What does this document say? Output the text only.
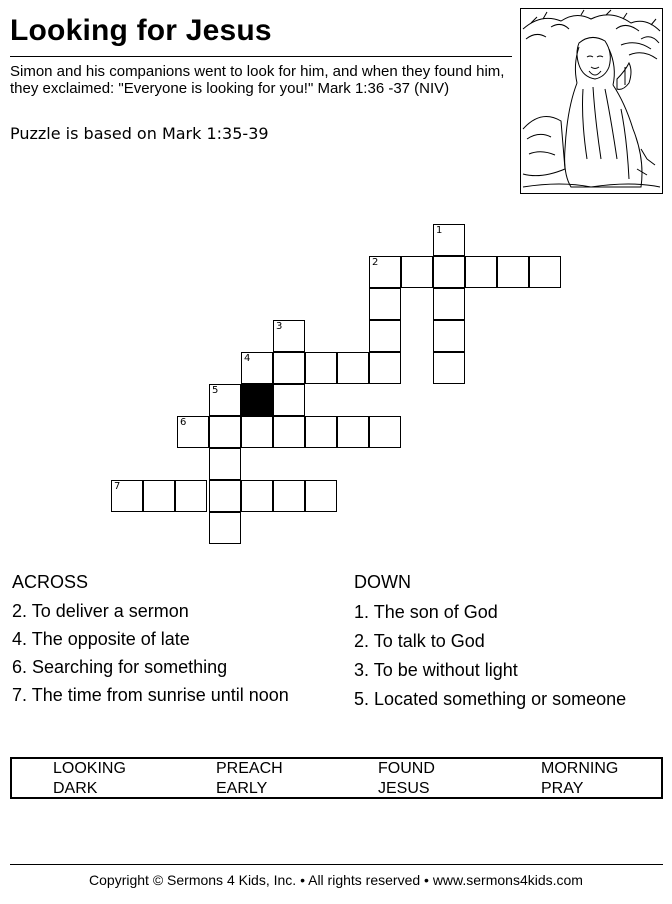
Looking for Jesus
Simon and his companions went to look for him, and when they found him, they exclaimed: "Everyone is looking for you!" Mark 1:36 -37 (NIV)
Puzzle is based on Mark 1:35-39
1
2
3
4
5
6
7
ACROSS
2. To deliver a sermon
4. The opposite of late
6. Searching for something
7. The time from sunrise until noon
DOWN
1. The son of God
2. To talk to God
3. To be without light
5. Located something or someone
LOOKING	PREACH	FOUND	MORNING
DARK	EARLY	JESUS	PRAY
Copyright © Sermons 4 Kids, Inc. • All rights reserved • www.sermons4kids.com
